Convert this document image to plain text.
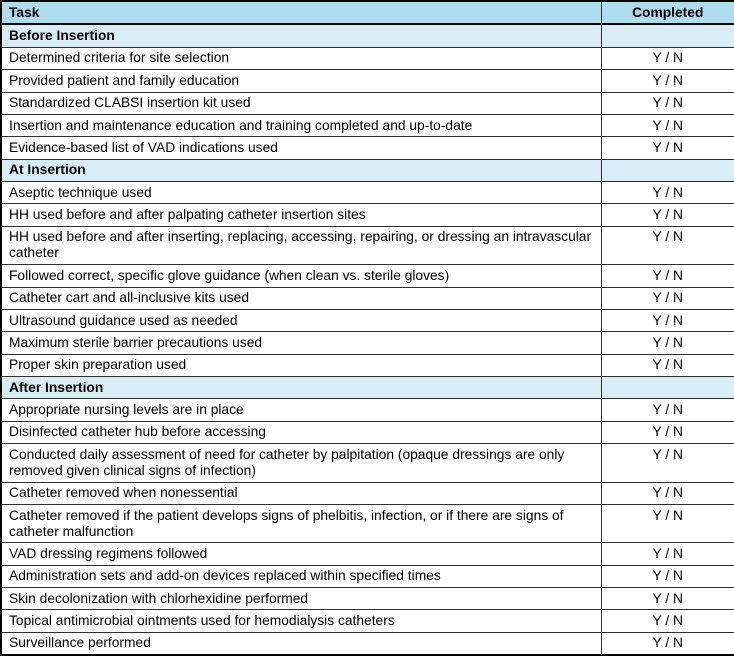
Task	Completed
Before Insertion	
Determined criteria for site selection	Y / N
Provided patient and family education	Y / N
Standardized CLABSI insertion kit used	Y / N
Insertion and maintenance education and training completed and up-to-date	Y / N
Evidence-based list of VAD indications used	Y / N
At Insertion	
Aseptic technique used	Y / N
HH used before and after palpating catheter insertion sites	Y / N
HH used before and after inserting, replacing, accessing, repairing, or dressing an intravascular catheter	Y / N
Followed correct, specific glove guidance (when clean vs. sterile gloves)	Y / N
Catheter cart and all-inclusive kits used	Y / N
Ultrasound guidance used as needed	Y / N
Maximum sterile barrier precautions used	Y / N
Proper skin preparation used	Y / N
After Insertion	
Appropriate nursing levels are in place	Y / N
Disinfected catheter hub before accessing	Y / N
Conducted daily assessment of need for catheter by palpitation (opaque dressings are only removed given clinical signs of infection)	Y / N
Catheter removed when nonessential	Y / N
Catheter removed if the patient develops signs of phelbitis, infection, or if there are signs of catheter malfunction	Y / N
VAD dressing regimens followed	Y / N
Administration sets and add-on devices replaced within specified times	Y / N
Skin decolonization with chlorhexidine performed	Y / N
Topical antimicrobial ointments used for hemodialysis catheters	Y / N
Surveillance performed	Y / N
